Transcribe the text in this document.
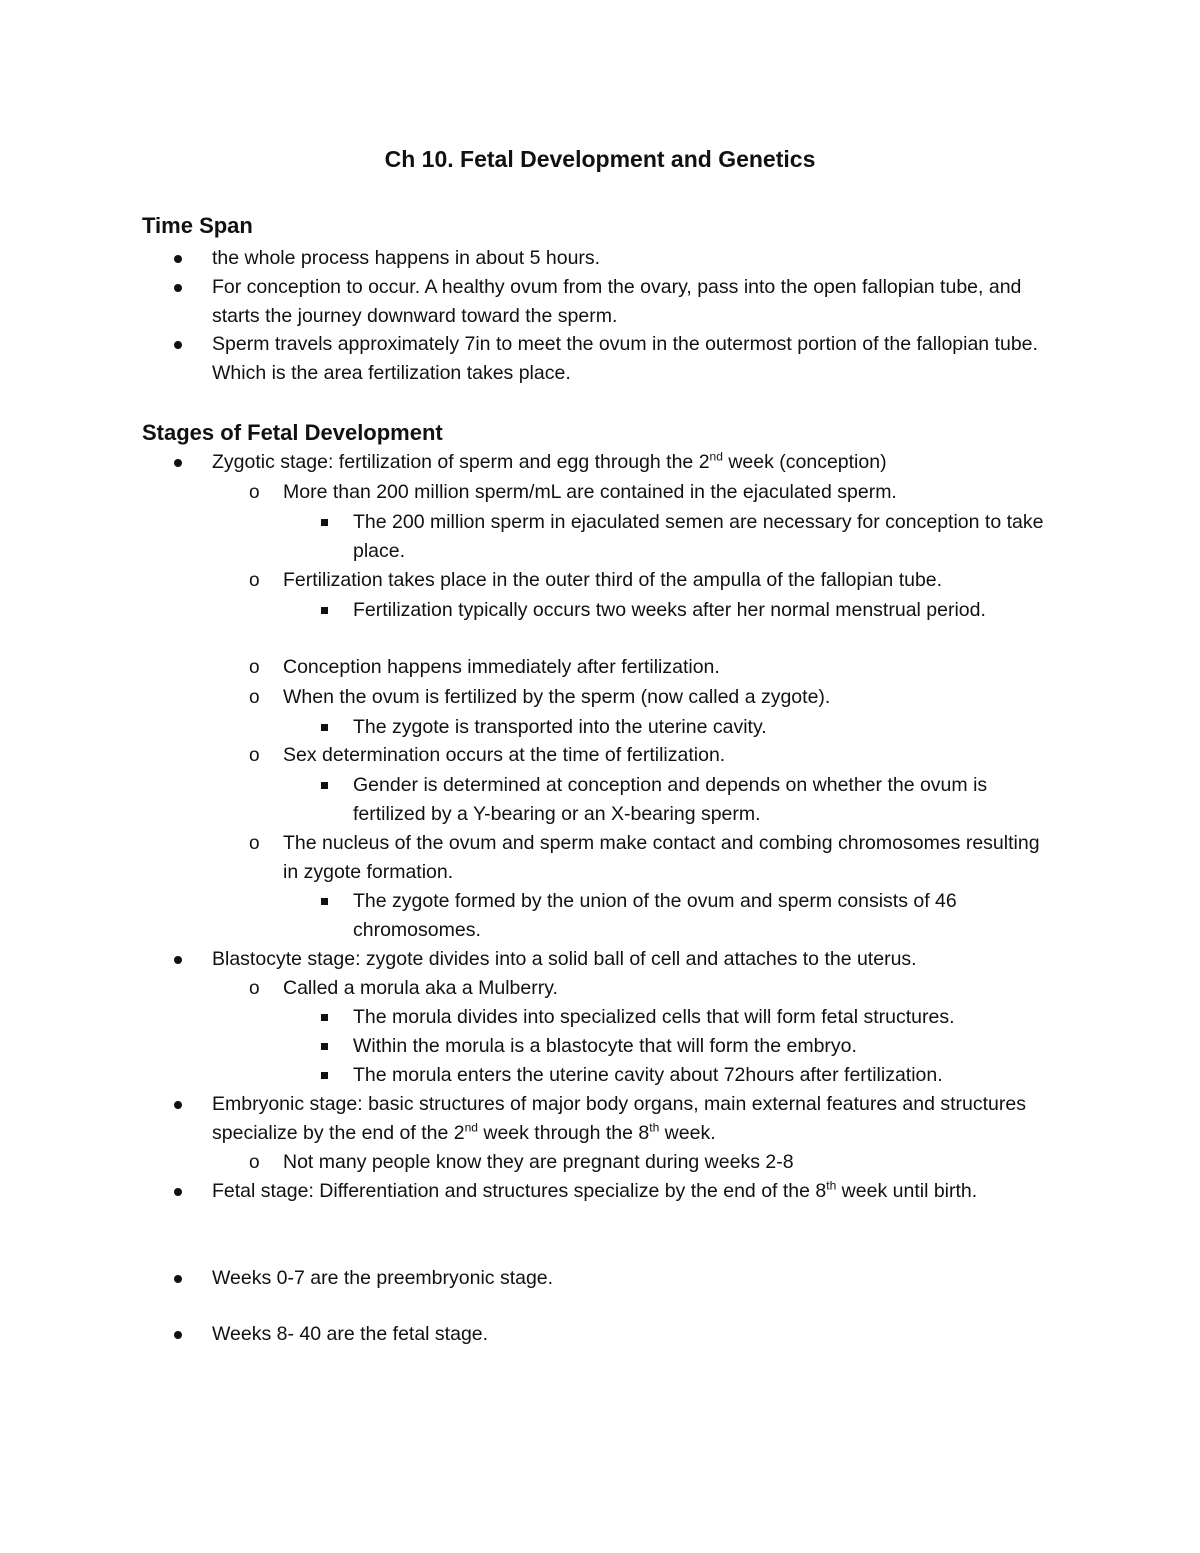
Ch 10. Fetal Development and Genetics
Time Span
the whole process happens in about 5 hours.
For conception to occur. A healthy ovum from the ovary, pass into the open fallopian tube, and starts the journey downward toward the sperm.
Sperm travels approximately 7in to meet the ovum in the outermost portion of the fallopian tube. Which is the area fertilization takes place.
Stages of Fetal Development
Zygotic stage: fertilization of sperm and egg through the 2nd week (conception)
o	More than 200 million sperm/mL are contained in the ejaculated sperm.
The 200 million sperm in ejaculated semen are necessary for conception to take place.
o	Fertilization takes place in the outer third of the ampulla of the fallopian tube.
Fertilization typically occurs two weeks after her normal menstrual period.
o	Conception happens immediately after fertilization.
o	When the ovum is fertilized by the sperm (now called a zygote).
The zygote is transported into the uterine cavity.
o	Sex determination occurs at the time of fertilization.
Gender is determined at conception and depends on whether the ovum is fertilized by a Y-bearing or an X-bearing sperm.
o	The nucleus of the ovum and sperm make contact and combing chromosomes resulting in zygote formation.
The zygote formed by the union of the ovum and sperm consists of 46 chromosomes.
Blastocyte stage: zygote divides into a solid ball of cell and attaches to the uterus.
o	Called a morula aka a Mulberry.
The morula divides into specialized cells that will form fetal structures.
Within the morula is a blastocyte that will form the embryo.
The morula enters the uterine cavity about 72hours after fertilization.
Embryonic stage: basic structures of major body organs, main external features and structures specialize by the end of the 2nd week through the 8th week.
o	Not many people know they are pregnant during weeks 2-8
Fetal stage: Differentiation and structures specialize by the end of the 8th week until birth.
Weeks 0-7 are the preembryonic stage.
Weeks 8- 40 are the fetal stage.
